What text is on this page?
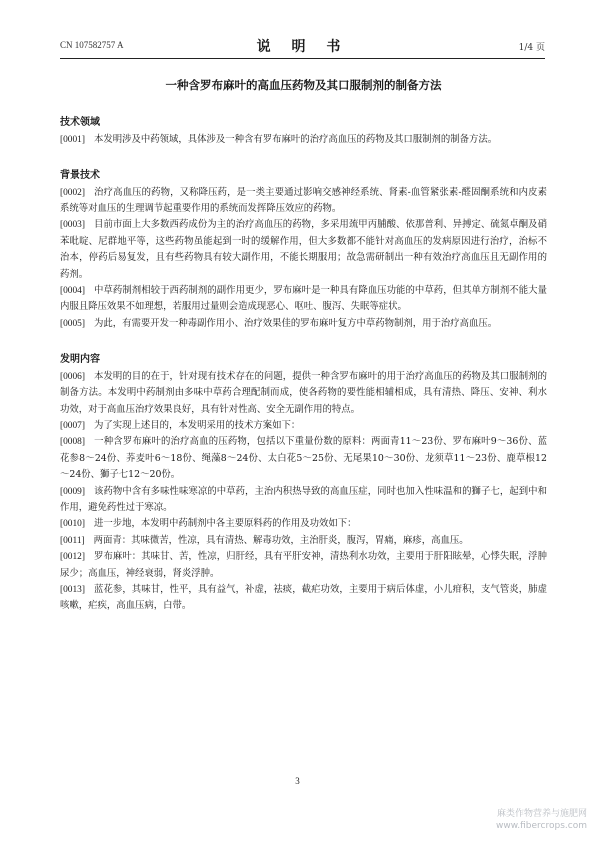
CN 107582757 A	说 明 书	1/4 页
一种含罗布麻叶的高血压药物及其口服制剂的制备方法
技术领域

[0001] 本发明涉及中药领域，具体涉及一种含有罗布麻叶的治疗高血压的药物及其口服制剂的制备方法。

背景技术

[0002] 治疗高血压的药物，又称降压药，是一类主要通过影响交感神经系统、肾素-血管紧张素-醛固酮系统和内皮素系统等对血压的生理调节起重要作用的系统而发挥降压效应的药物。

[0003] 目前市面上大多数西药成份为主的治疗高血压的药物，多采用巯甲丙脯酸、依那普利、异搏定、硫氮卓酮及硝苯吡啶、尼群地平等，这些药物虽能起到一时的缓解作用，但大多数都不能针对高血压的发病原因进行治疗，治标不治本，停药后易复发，且有些药物具有较大副作用，不能长期服用；故急需研制出一种有效治疗高血压且无副作用的药剂。

[0004] 中草药制剂相较于西药制剂的副作用更少，罗布麻叶是一种具有降血压功能的中草药，但其单方制剂不能大量内服且降压效果不如理想，若服用过量则会造成现恶心、呕吐、腹泻、失眠等症状。

[0005] 为此，有需要开发一种毒副作用小、治疗效果佳的罗布麻叶复方中草药物制剂，用于治疗高血压。

发明内容

[0006] 本发明的目的在于，针对现有技术存在的问题，提供一种含罗布麻叶的用于治疗高血压的药物及其口服制剂的制备方法。本发明中药制剂由多味中草药合理配制而成，使各药物的要性能相辅相成，具有清热、降压、安神、利水功效，对于高血压治疗效果良好，具有针对性高、安全无副作用的特点。

[0007] 为了实现上述目的，本发明采用的技术方案如下：

[0008] 一种含罗布麻叶的治疗高血的压药物，包括以下重量份数的原料：两面青11～23份、罗布麻叶9～36份、蓝花参8～24份、荞麦叶6～18份、绳藻8～24份、太白花5～25份、无尾果10～30份、龙须草11～23份、鹿草根12～24份、獅子七12～20份。

[0009] 该药物中含有多味性味寒凉的中草药，主治内积热导致的高血压症，同时也加入性味温和的獅子七，起到中和作用，避免药性过于寒凉。

[0010] 进一步地，本发明中药制剂中各主要原料药的作用及功效如下：

[0011] 两面青：其味微苦，性凉，具有清热、解毒功效，主治肝炎，腹泻，胃痛，麻疹，高血压。

[0012] 罗布麻叶：其味甘、苦，性凉，归肝经，具有平肝安神，清热利水功效，主要用于肝阳眩晕，心悸失眠，浮肿尿少；高血压，神经衰弱，肾炎浮肿。

[0013] 蓝花参，其味甘，性平，具有益气，补虚，祛痰，截疟功效，主要用于病后体虚，小儿疳积，支气管炎，肺虚咳嗽，疟疾，高血压病，白带。

3
麻类作物营养与施肥网
www.fibercrops.com
